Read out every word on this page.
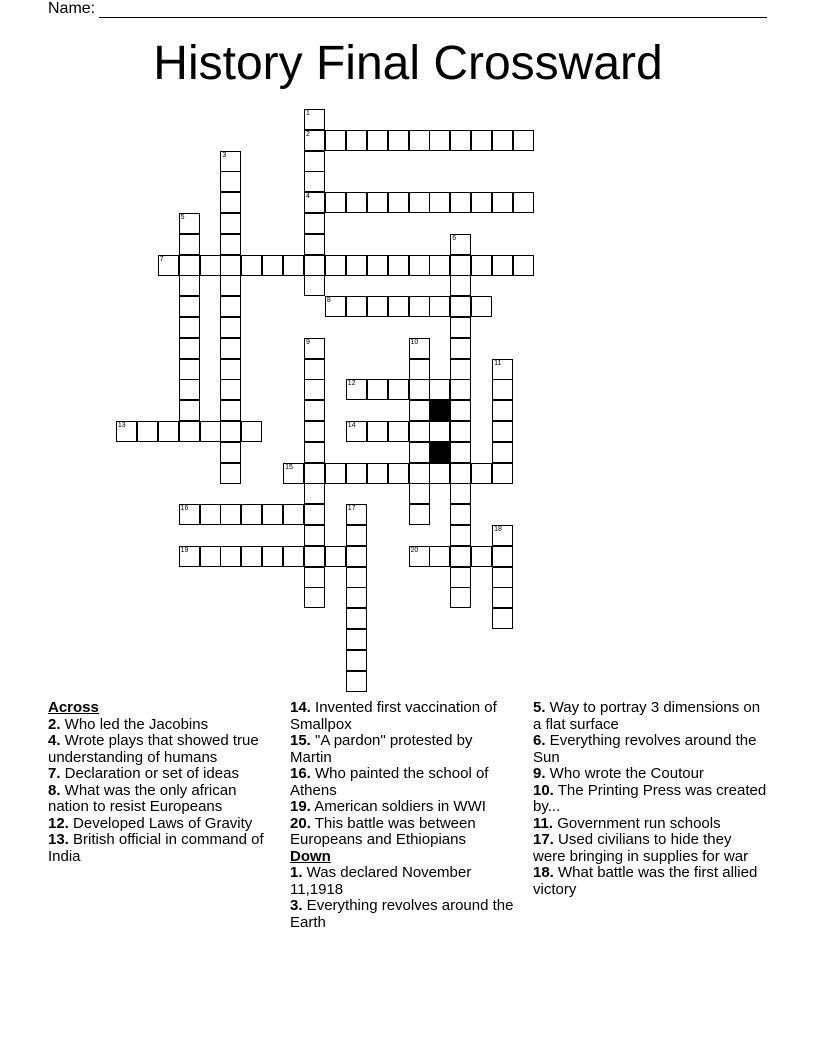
Name:
History Final Crossward
1
2
4
3
5
6
7
8
9	10
11
12
13	14
15
16	17
18
19	20
Across
2. Who led the Jacobins
4. Wrote plays that showed true understanding of humans
7. Declaration or set of ideas
8. What was the only african nation to resist Europeans
12. Developed Laws of Gravity
13. British official in command of India
14. Invented first vaccination of Smallpox
15. "A pardon" protested by Martin
16. Who painted the school of Athens
19. American soldiers in WWI
20. This battle was between Europeans and Ethiopians
Down
1. Was declared November 11,1918
3. Everything revolves around the Earth
5. Way to portray 3 dimensions on a flat surface
6. Everything revolves around the Sun
9. Who wrote the Coutour
10. The Printing Press was created by...
11. Government run schools
17. Used civilians to hide they were bringing in supplies for war
18. What battle was the first allied victory
